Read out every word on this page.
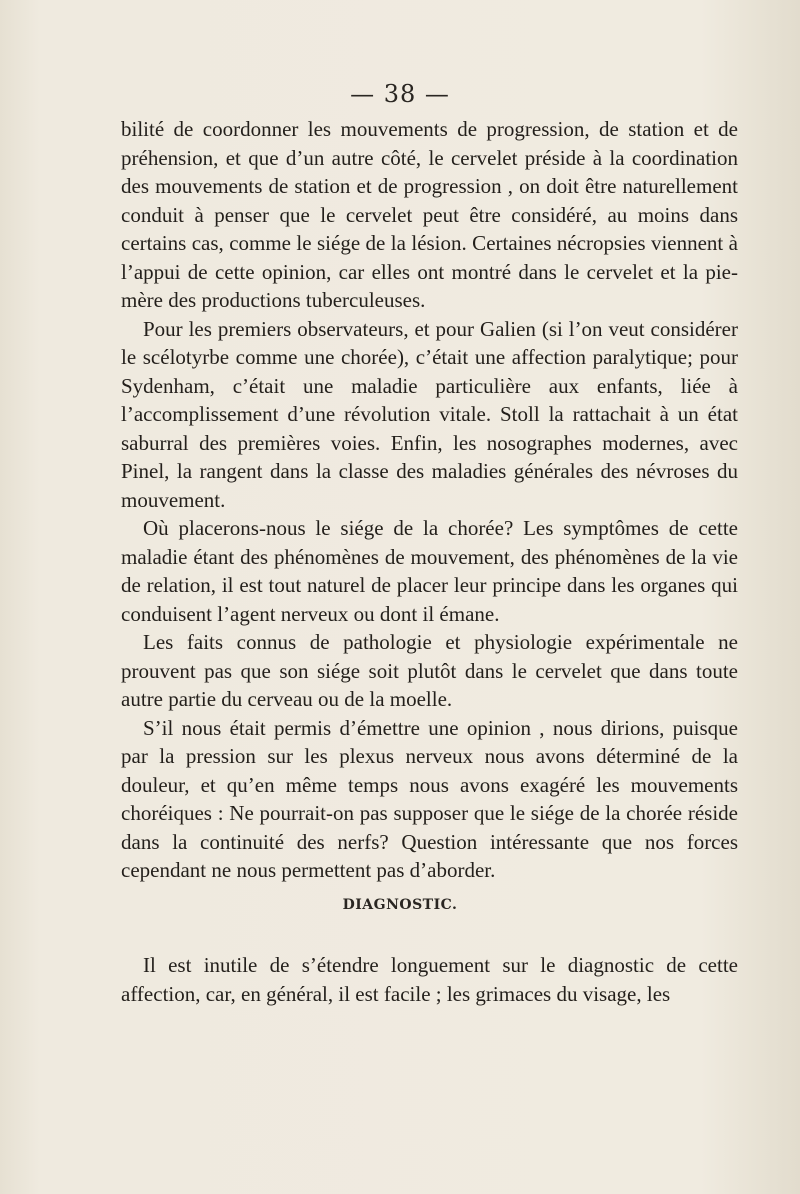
— 38 —

bilité de coordonner les mouvements de progression, de station et de préhension, et que d’un autre côté, le cervelet préside à la coordination des mouvements de station et de progression , on doit être naturellement conduit à penser que le cervelet peut être considéré, au moins dans certains cas, comme le siége de la lésion. Certaines nécropsies viennent à l’appui de cette opinion, car elles ont montré dans le cervelet et la pie-mère des productions tuberculeuses.

Pour les premiers observateurs, et pour Galien (si l’on veut considérer le scélotyrbe comme une chorée), c’était une affection paralytique; pour Sydenham, c’était une maladie particulière aux enfants, liée à l’accomplissement d’une révolution vitale. Stoll la rattachait à un état saburral des premières voies. Enfin, les nosographes modernes, avec Pinel, la rangent dans la classe des maladies générales des névroses du mouvement.

Où placerons-nous le siége de la chorée? Les symptômes de cette maladie étant des phénomènes de mouvement, des phénomènes de la vie de relation, il est tout naturel de placer leur principe dans les organes qui conduisent l’agent nerveux ou dont il émane.

Les faits connus de pathologie et physiologie expérimentale ne prouvent pas que son siége soit plutôt dans le cervelet que dans toute autre partie du cerveau ou de la moelle.

S’il nous était permis d’émettre une opinion , nous dirions, puisque par la pression sur les plexus nerveux nous avons déterminé de la douleur, et qu’en même temps nous avons exagéré les mouvements choréiques : Ne pourrait-on pas supposer que le siége de la chorée réside dans la continuité des nerfs? Question intéressante que nos forces cependant ne nous permettent pas d’aborder.

DIAGNOSTIC.

Il est inutile de s’étendre longuement sur le diagnostic de cette affection, car, en général, il est facile ; les grimaces du visage, les
